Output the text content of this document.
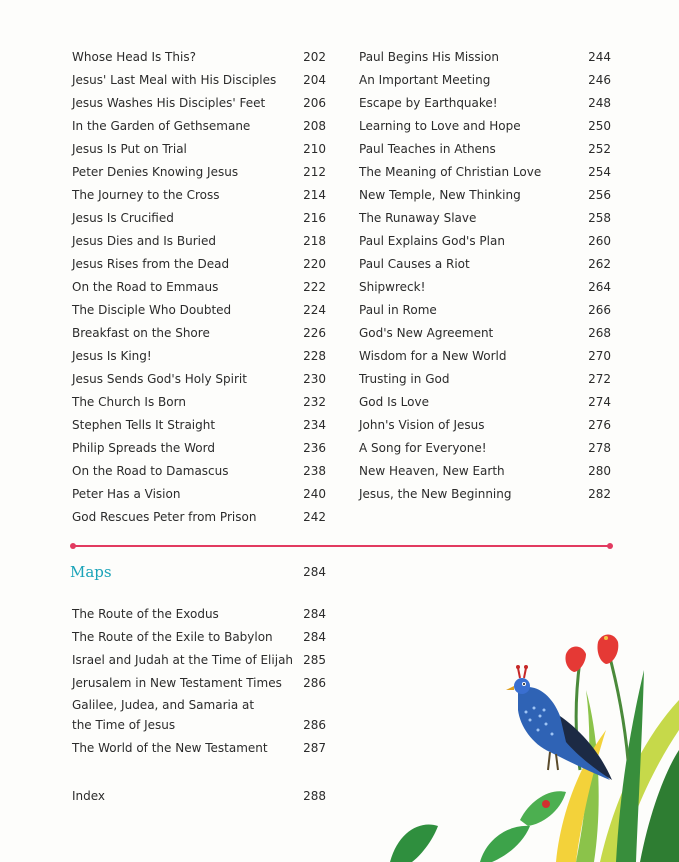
Whose Head Is This?	202
Jesus' Last Meal with His Disciples 204
Jesus Washes His Disciples' Feet	206
In the Garden of Gethsemane	208
Jesus Is Put on Trial	210
Peter Denies Knowing Jesus	212
The Journey to the Cross	214
Jesus Is Crucified	216
Jesus Dies and Is Buried	218
Jesus Rises from the Dead	220
On the Road to Emmaus	222
The Disciple Who Doubted	224
Breakfast on the Shore	226
Jesus Is King!	228
Jesus Sends God's Holy Spirit	230
The Church Is Born	232
Stephen Tells It Straight	234
Philip Spreads the Word	236
On the Road to Damascus	238
Peter Has a Vision	240
God Rescues Peter from Prison	242
Paul Begins His Mission	244
An Important Meeting	246
Escape by Earthquake!	248
Learning to Love and Hope	250
Paul Teaches in Athens	252
The Meaning of Christian Love	254
New Temple, New Thinking	256
The Runaway Slave	258
Paul Explains God's Plan	260
Paul Causes a Riot	262
Shipwreck!	264
Paul in Rome	266
God's New Agreement	268
Wisdom for a New World	270
Trusting in God	272
God Is Love	274
John's Vision of Jesus	276
A Song for Everyone!	278
New Heaven, New Earth	280
Jesus, the New Beginning	282
Maps	284
The Route of the Exodus	284
The Route of the Exile to Babylon	284
Israel and Judah at the Time of Elijah 285
Jerusalem in New Testament Times 286
Galilee, Judea, and Samaria at the Time of Jesus	286
The World of the New Testament	287
Index	288
